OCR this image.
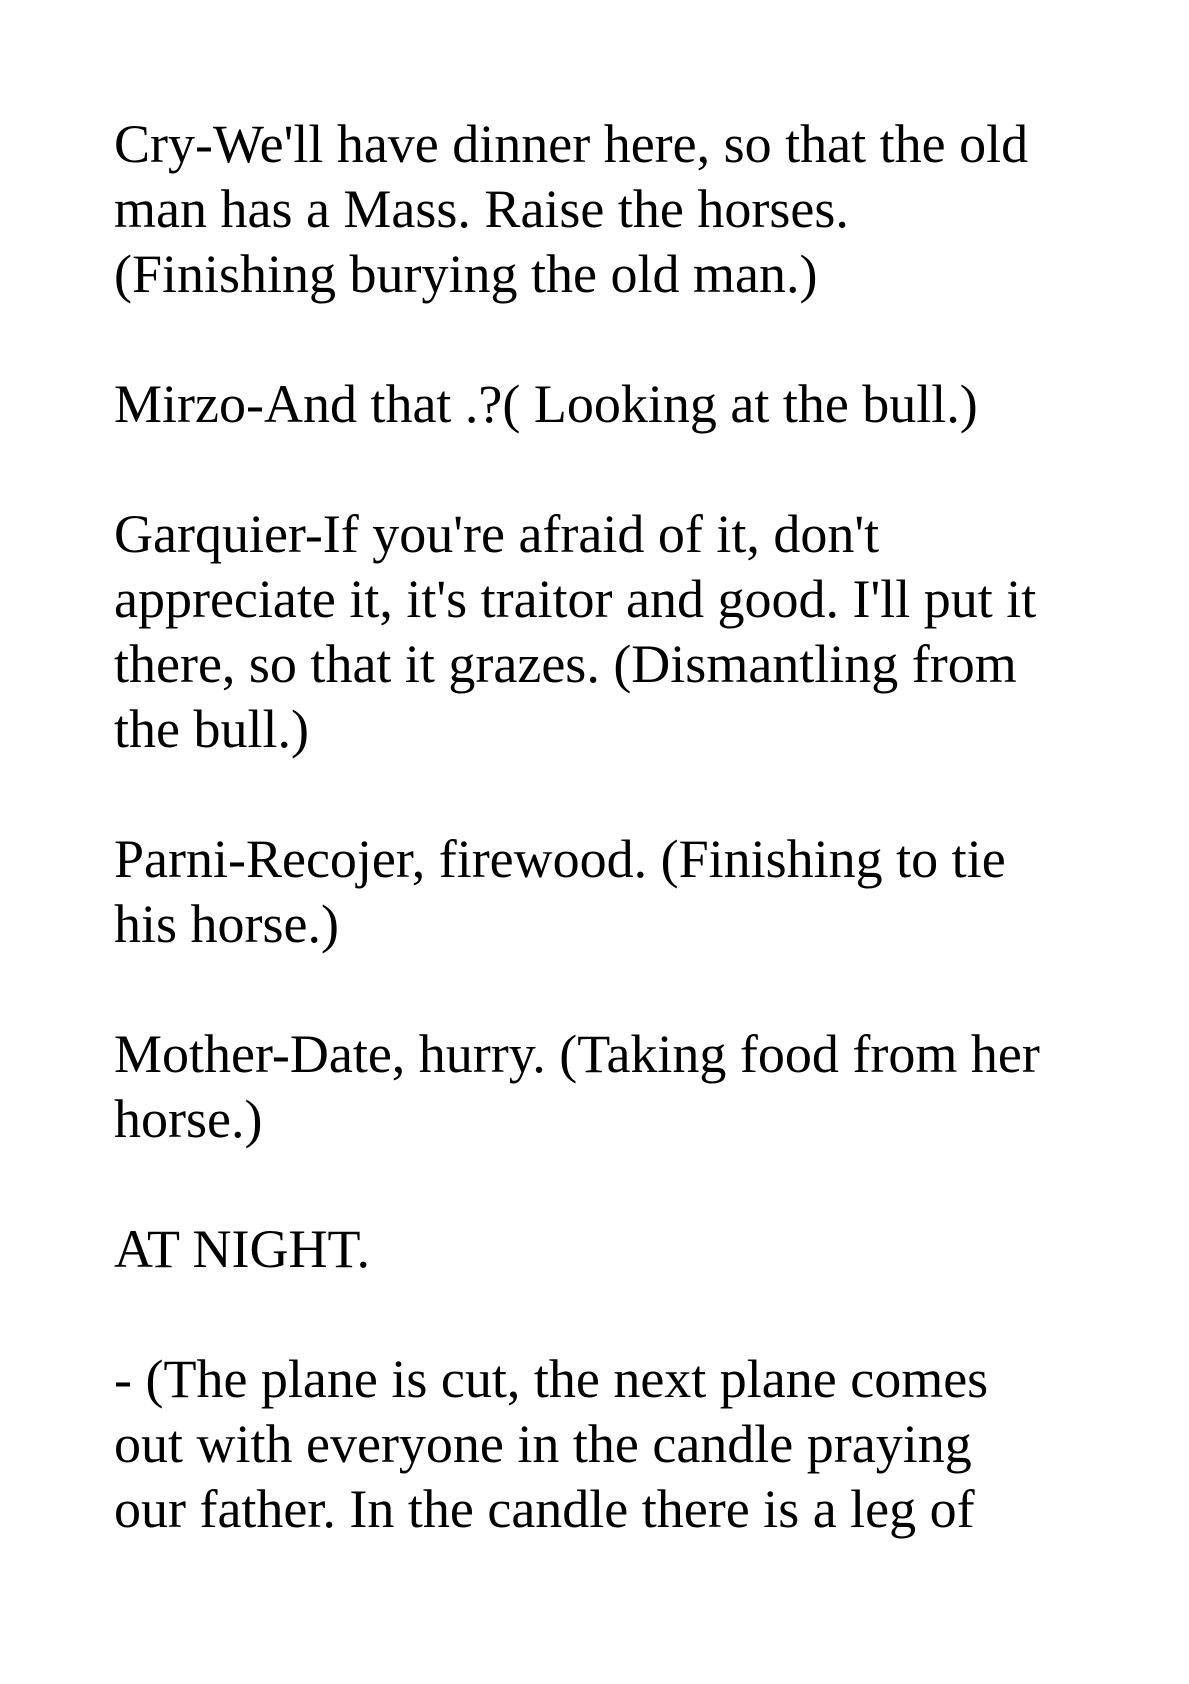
Cry-We'll have dinner here, so that the old
man has a Mass. Raise the horses.
(Finishing burying the old man.)

Mirzo-And that .?( Looking at the bull.)

Garquier-If you're afraid of it, don't
appreciate it, it's traitor and good. I'll put it
there, so that it grazes. (Dismantling from
the bull.)

Parni-Recojer, firewood. (Finishing to tie
his horse.)

Mother-Date, hurry. (Taking food from her
horse.)

AT NIGHT.

- (The plane is cut, the next plane comes
out with everyone in the candle praying
our father. In the candle there is a leg of
